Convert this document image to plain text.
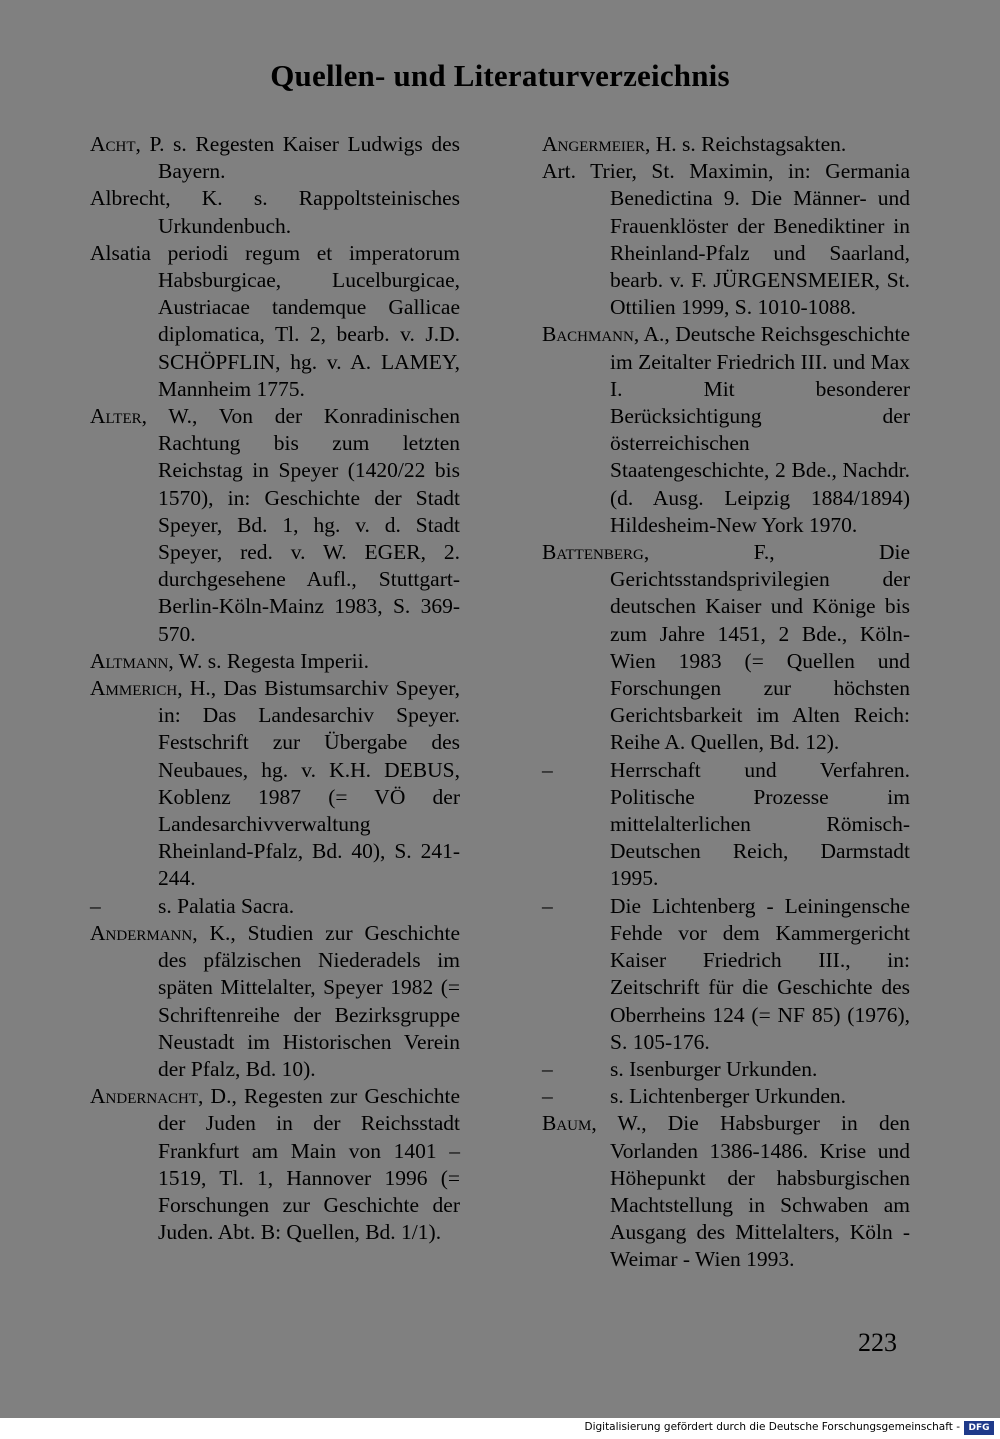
Quellen- und Literaturverzeichnis

Acht, P. s. Regesten Kaiser Ludwigs des Bayern.

Albrecht, K. s. Rappoltsteinisches Urkundenbuch.

Alsatia periodi regum et imperatorum Habsburgicae, Lucelburgicae, Austriacae tandemque Gallicae diplomatica, Tl. 2, bearb. v. J.D. SCHÖPFLIN, hg. v. A. LAMEY, Mannheim 1775.

Alter, W., Von der Konradinischen Rachtung bis zum letzten Reichstag in Speyer (1420/22 bis 1570), in: Geschichte der Stadt Speyer, Bd. 1, hg. v. d. Stadt Speyer, red. v. W. EGER, 2. durchgesehene Aufl., Stuttgart-Berlin-Köln-Mainz 1983, S. 369-570.

Altmann, W. s. Regesta Imperii.

Ammerich, H., Das Bistumsarchiv Speyer, in: Das Landesarchiv Speyer. Festschrift zur Übergabe des Neubaues, hg. v. K.H. DEBUS, Koblenz 1987 (= VÖ der Landesarchivverwaltung Rheinland-Pfalz, Bd. 40), S. 241-244.

–	s. Palatia Sacra.

Andermann, K., Studien zur Geschichte des pfälzischen Niederadels im späten Mittelalter, Speyer 1982 (= Schriftenreihe der Bezirksgruppe Neustadt im Historischen Verein der Pfalz, Bd. 10).

Andernacht, D., Regesten zur Geschichte der Juden in der Reichsstadt Frankfurt am Main von 1401 – 1519, Tl. 1, Hannover 1996 (= Forschungen zur Geschichte der Juden. Abt. B: Quellen, Bd. 1/1).

Angermeier, H. s. Reichstagsakten.

Art. Trier, St. Maximin, in: Germania Benedictina 9. Die Männer- und Frauenklöster der Benediktiner in Rheinland-Pfalz und Saarland, bearb. v. F. JÜRGENSMEIER, St. Ottilien 1999, S. 1010-1088.

Bachmann, A., Deutsche Reichsgeschichte im Zeitalter Friedrich III. und Max I. Mit besonderer Berücksichtigung der österreichischen Staatengeschichte, 2 Bde., Nachdr. (d. Ausg. Leipzig 1884/1894) Hildesheim-New York 1970.

Battenberg, F., Die Gerichtsstandsprivilegien der deutschen Kaiser und Könige bis zum Jahre 1451, 2 Bde., Köln-Wien 1983 (= Quellen und Forschungen zur höchsten Gerichtsbarkeit im Alten Reich: Reihe A. Quellen, Bd. 12).

–	Herrschaft und Verfahren. Politische Prozesse im mittelalterlichen Römisch-Deutschen Reich, Darmstadt 1995.

–	Die Lichtenberg - Leiningensche Fehde vor dem Kammergericht Kaiser Friedrich III., in: Zeitschrift für die Geschichte des Oberrheins 124 (= NF 85) (1976), S. 105-176.

–	s. Isenburger Urkunden.

–	s. Lichtenberger Urkunden.

Baum, W., Die Habsburger in den Vorlanden 1386-1486. Krise und Höhepunkt der habsburgischen Machtstellung in Schwaben am Ausgang des Mittelalters, Köln - Weimar - Wien 1993.

223
Digitalisierung gefördert durch die Deutsche Forschungsgemeinschaft - DFG
